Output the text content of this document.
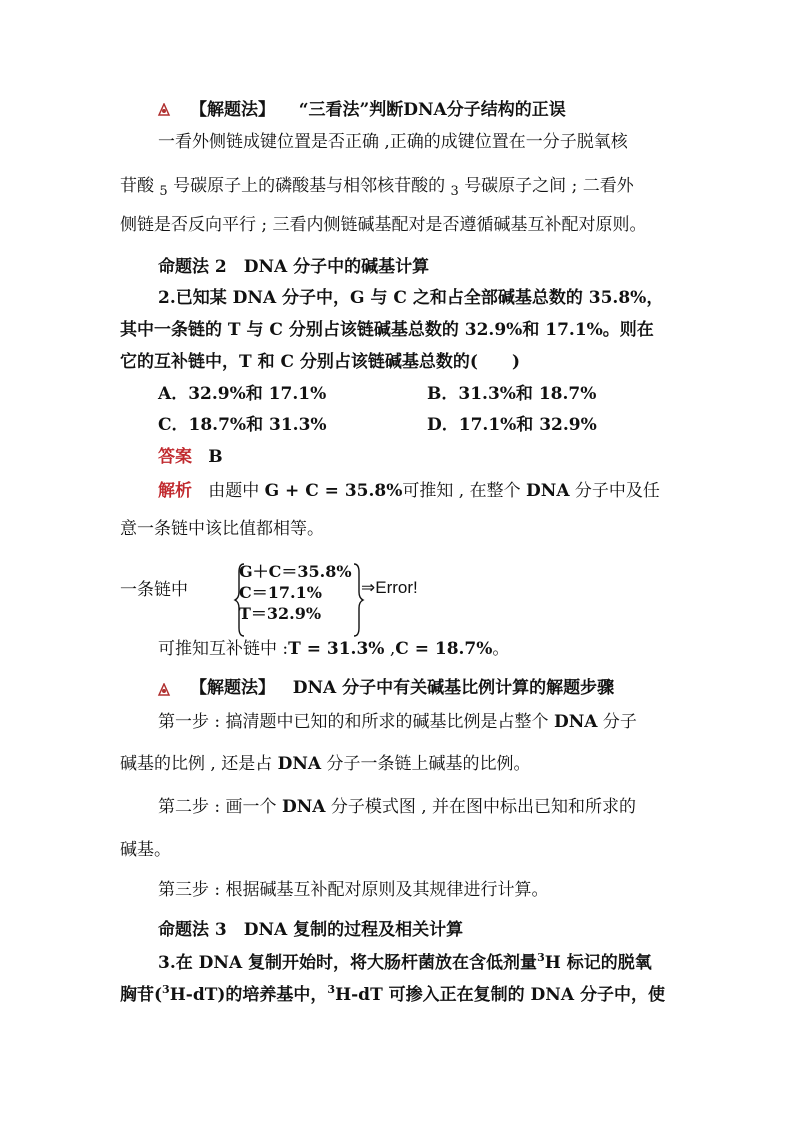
【解题法】 “三看法”判断DNA分子结构的正误
一看外侧链成键位置是否正确 ,正确的成键位置在一分子脱氧核
苷酸 $_5$ 号碳原子上的磷酸基与相邻核苷酸的 $_3$ 号碳原子之间 ; 二看外
侧链是否反向平行 ; 三看内侧链碱基配对是否遵循碱基互补配对原则。
命题法 2　DNA 分子中的碱基计算
2.已知某 DNA 分子中，G 与 C 之和占全部碱基总数的 35.8%，
其中一条链的 T 与 C 分别占该链碱基总数的 32.9%和 17.1%。则在
它的互补链中，T 和 C 分别占该链碱基总数的(　　)
A．32.9%和 17.1%	B．31.3%和 18.7%
C．18.7%和 31.3%	D．17.1%和 32.9%
答案 B
解析 由题中 G + C = 35.8%可推知 , 在整个 DNA 分子中及任
意一条链中该比值都相等。
一条链中
G＋C＝35.8%
C＝17.1%
T＝32.9%
⇒Error!
可推知互补链中 :T = 31.3% ,C = 18.7%。
【解题法】 DNA 分子中有关碱基比例计算的解题步骤
第一步 : 搞清题中已知的和所求的碱基比例是占整个 DNA 分子
碱基的比例 , 还是占 DNA 分子一条链上碱基的比例。
第二步 : 画一个 DNA 分子模式图 , 并在图中标出已知和所求的
碱基。
第三步 : 根据碱基互补配对原则及其规律进行计算。
命题法 3　DNA 复制的过程及相关计算
3.在 DNA 复制开始时，将大肠杆菌放在含低剂量$^3$H 标记的脱氧
胸苷($^3$H-dT)的培养基中，$^3$H-dT 可掺入正在复制的 DNA 分子中，使
